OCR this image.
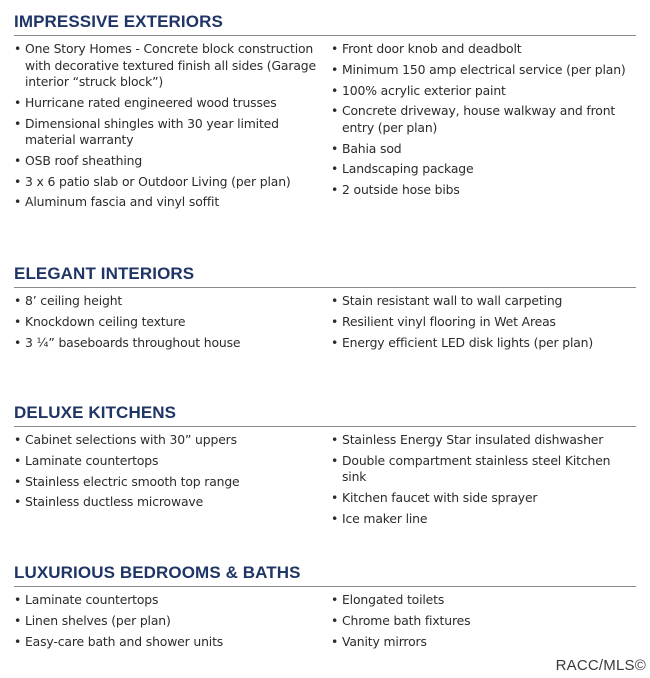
IMPRESSIVE EXTERIORS
• One Story Homes - Concrete block construction with decorative textured finish all sides (Garage interior “struck block”)
• Hurricane rated engineered wood trusses
• Dimensional shingles with 30 year limited material warranty
• OSB roof sheathing
• 3 x 6 patio slab or Outdoor Living (per plan)
• Aluminum fascia and vinyl soffit
• Front door knob and deadbolt
• Minimum 150 amp electrical service (per plan)
• 100% acrylic exterior paint
• Concrete driveway, house walkway and front entry (per plan)
• Bahia sod
• Landscaping package
• 2 outside hose bibs
ELEGANT INTERIORS
• 8’ ceiling height
• Knockdown ceiling texture
• 3 ¼” baseboards throughout house
• Stain resistant wall to wall carpeting
• Resilient vinyl flooring in Wet Areas
• Energy efficient LED disk lights (per plan)
DELUXE KITCHENS
• Cabinet selections with 30” uppers
• Laminate countertops
• Stainless electric smooth top range
• Stainless ductless microwave
• Stainless Energy Star insulated dishwasher
• Double compartment stainless steel Kitchen sink
• Kitchen faucet with side sprayer
• Ice maker line
LUXURIOUS BEDROOMS & BATHS
• Laminate countertops
• Linen shelves (per plan)
• Easy-care bath and shower units
• Elongated toilets
• Chrome bath fixtures
• Vanity mirrors
RACC/MLS©
